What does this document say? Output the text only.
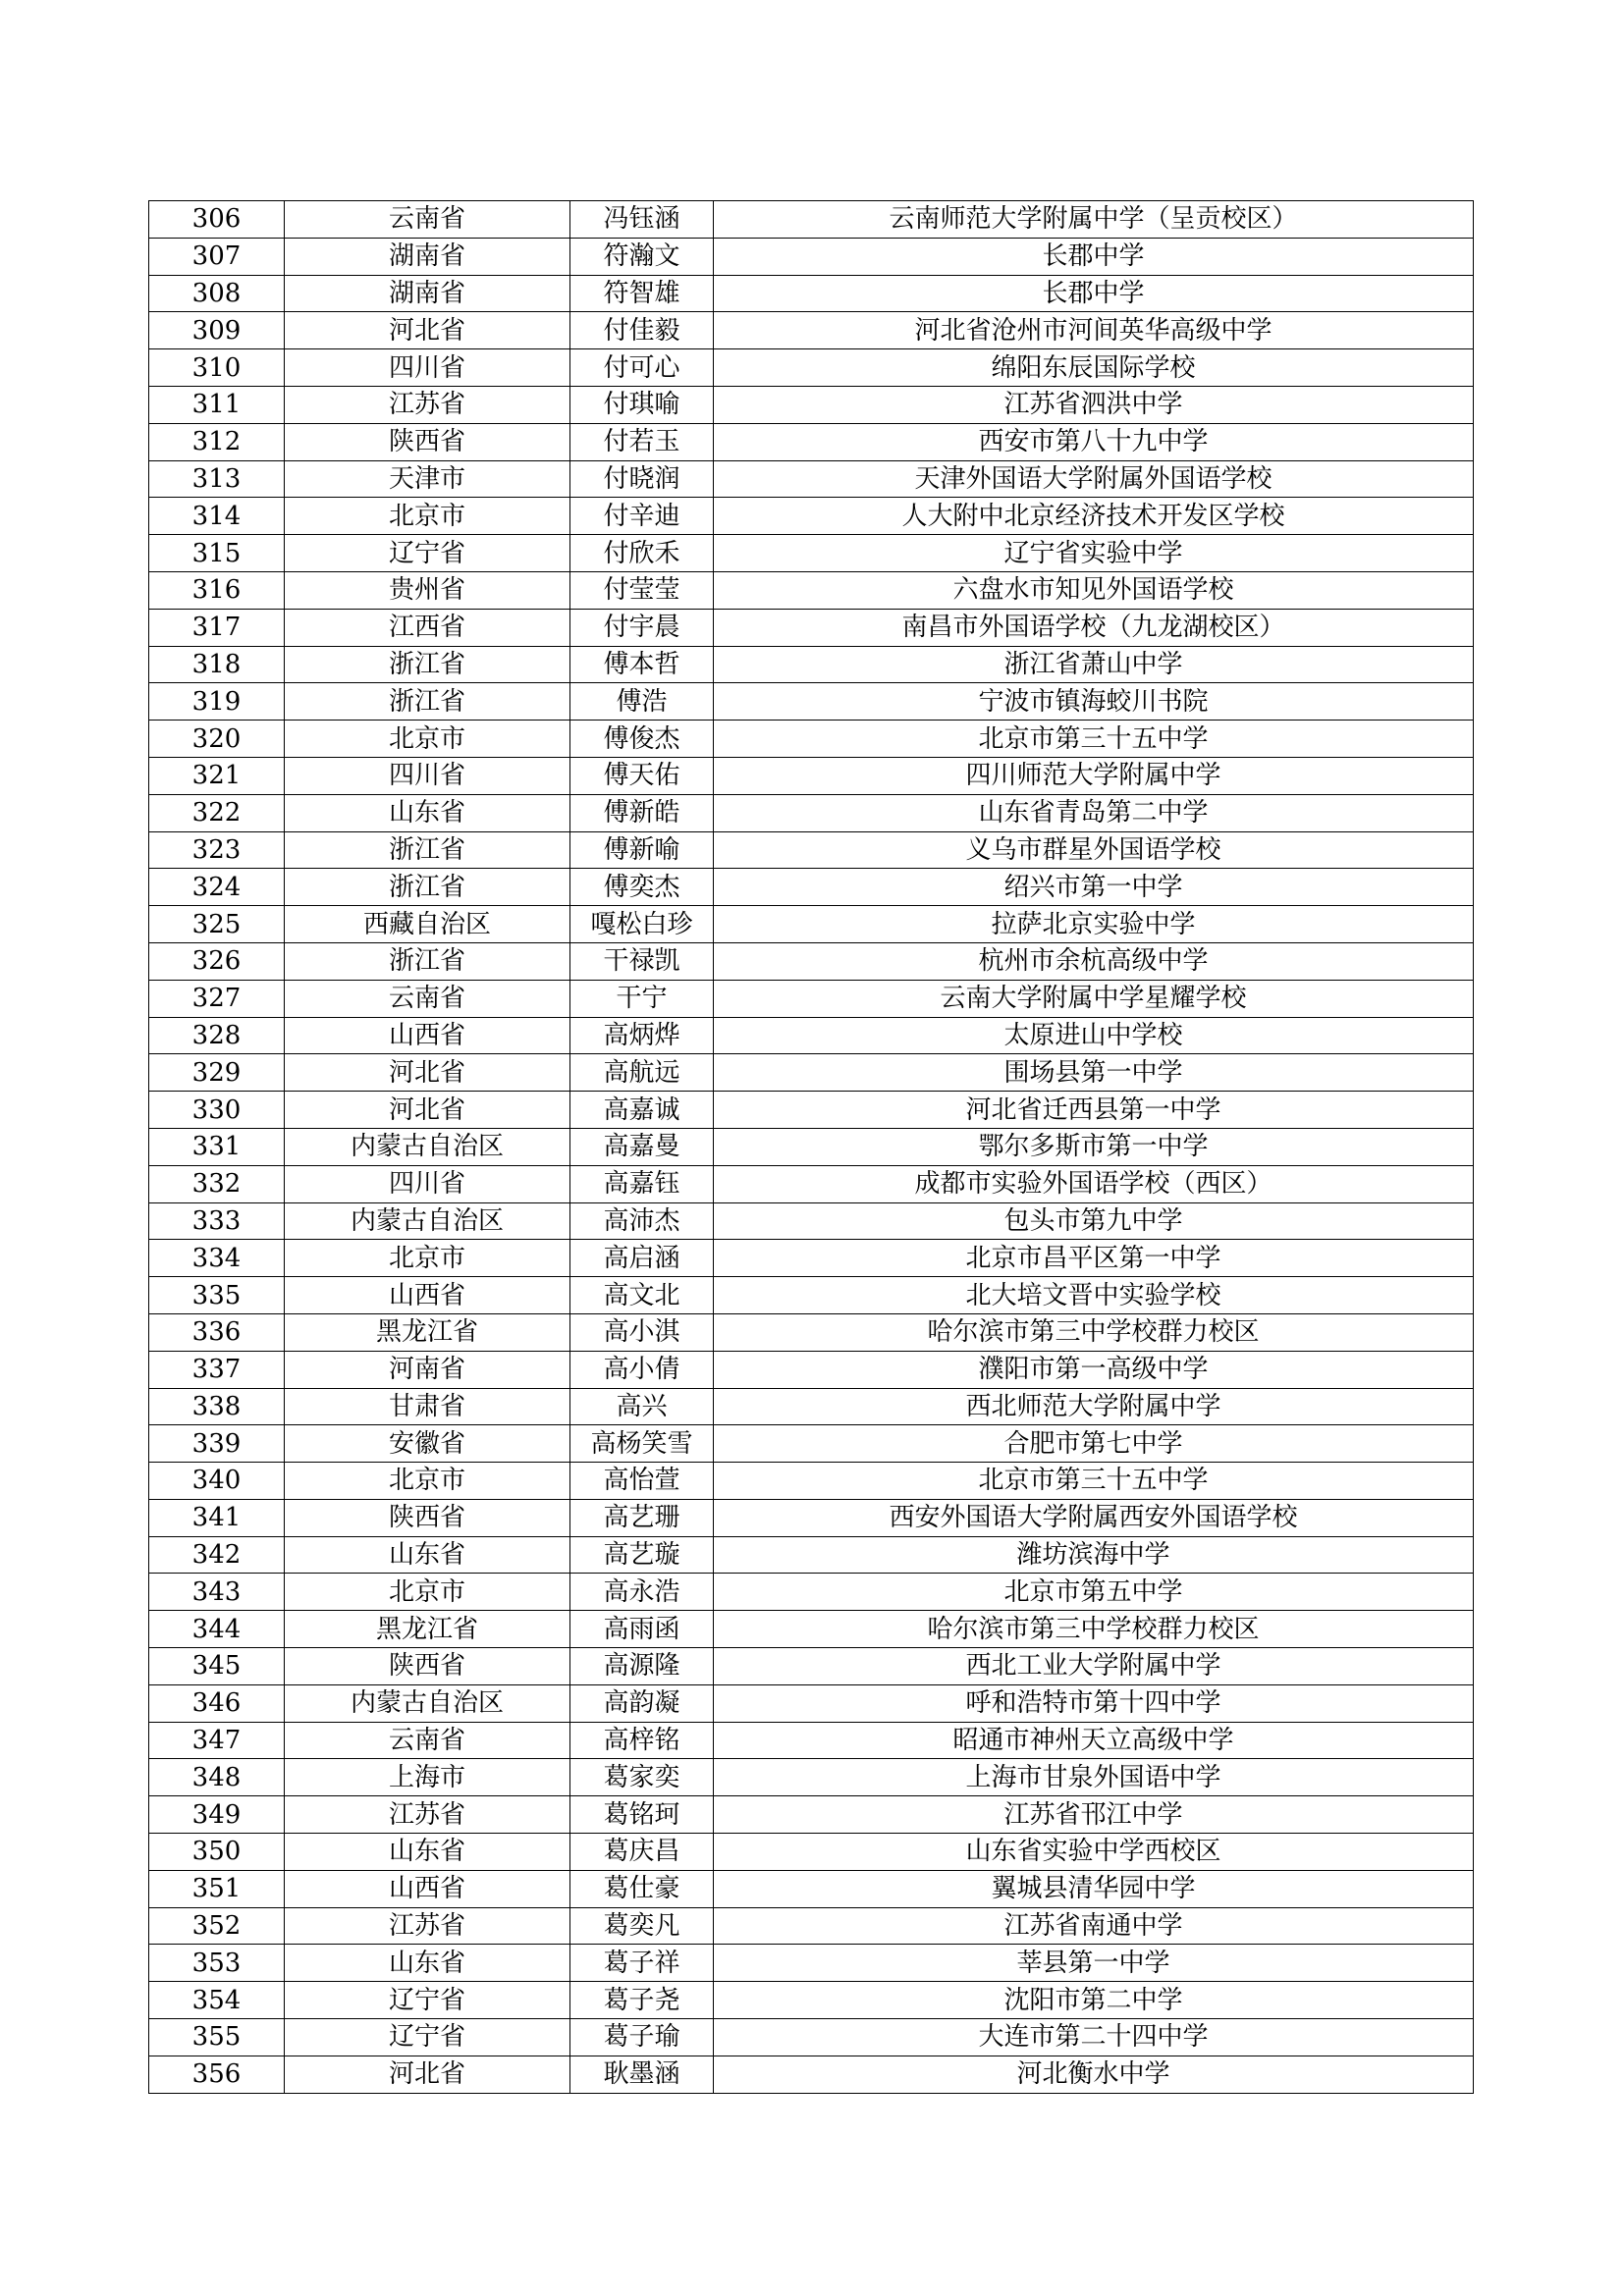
306	云南省	冯钰涵	云南师范大学附属中学（呈贡校区）
307	湖南省	符瀚文	长郡中学
308	湖南省	符智雄	长郡中学
309	河北省	付佳毅	河北省沧州市河间英华高级中学
310	四川省	付可心	绵阳东辰国际学校
311	江苏省	付琪喻	江苏省泗洪中学
312	陕西省	付若玉	西安市第八十九中学
313	天津市	付晓润	天津外国语大学附属外国语学校
314	北京市	付辛迪	人大附中北京经济技术开发区学校
315	辽宁省	付欣禾	辽宁省实验中学
316	贵州省	付莹莹	六盘水市知见外国语学校
317	江西省	付宇晨	南昌市外国语学校（九龙湖校区）
318	浙江省	傅本哲	浙江省萧山中学
319	浙江省	傅浩	宁波市镇海蛟川书院
320	北京市	傅俊杰	北京市第三十五中学
321	四川省	傅天佑	四川师范大学附属中学
322	山东省	傅新皓	山东省青岛第二中学
323	浙江省	傅新喻	义乌市群星外国语学校
324	浙江省	傅奕杰	绍兴市第一中学
325	西藏自治区	嘎松白珍	拉萨北京实验中学
326	浙江省	干禄凯	杭州市余杭高级中学
327	云南省	干宁	云南大学附属中学星耀学校
328	山西省	高炳烨	太原进山中学校
329	河北省	高航远	围场县第一中学
330	河北省	高嘉诚	河北省迁西县第一中学
331	内蒙古自治区	高嘉曼	鄂尔多斯市第一中学
332	四川省	高嘉钰	成都市实验外国语学校（西区）
333	内蒙古自治区	高沛杰	包头市第九中学
334	北京市	高启涵	北京市昌平区第一中学
335	山西省	高文北	北大培文晋中实验学校
336	黑龙江省	高小淇	哈尔滨市第三中学校群力校区
337	河南省	高小倩	濮阳市第一高级中学
338	甘肃省	高兴	西北师范大学附属中学
339	安徽省	高杨笑雪	合肥市第七中学
340	北京市	高怡萱	北京市第三十五中学
341	陕西省	高艺珊	西安外国语大学附属西安外国语学校
342	山东省	高艺璇	潍坊滨海中学
343	北京市	高永浩	北京市第五中学
344	黑龙江省	高雨函	哈尔滨市第三中学校群力校区
345	陕西省	高源隆	西北工业大学附属中学
346	内蒙古自治区	高韵凝	呼和浩特市第十四中学
347	云南省	高梓铭	昭通市神州天立高级中学
348	上海市	葛家奕	上海市甘泉外国语中学
349	江苏省	葛铭珂	江苏省邗江中学
350	山东省	葛庆昌	山东省实验中学西校区
351	山西省	葛仕豪	翼城县清华园中学
352	江苏省	葛奕凡	江苏省南通中学
353	山东省	葛子祥	莘县第一中学
354	辽宁省	葛子尧	沈阳市第二中学
355	辽宁省	葛子瑜	大连市第二十四中学
356	河北省	耿墨涵	河北衡水中学
